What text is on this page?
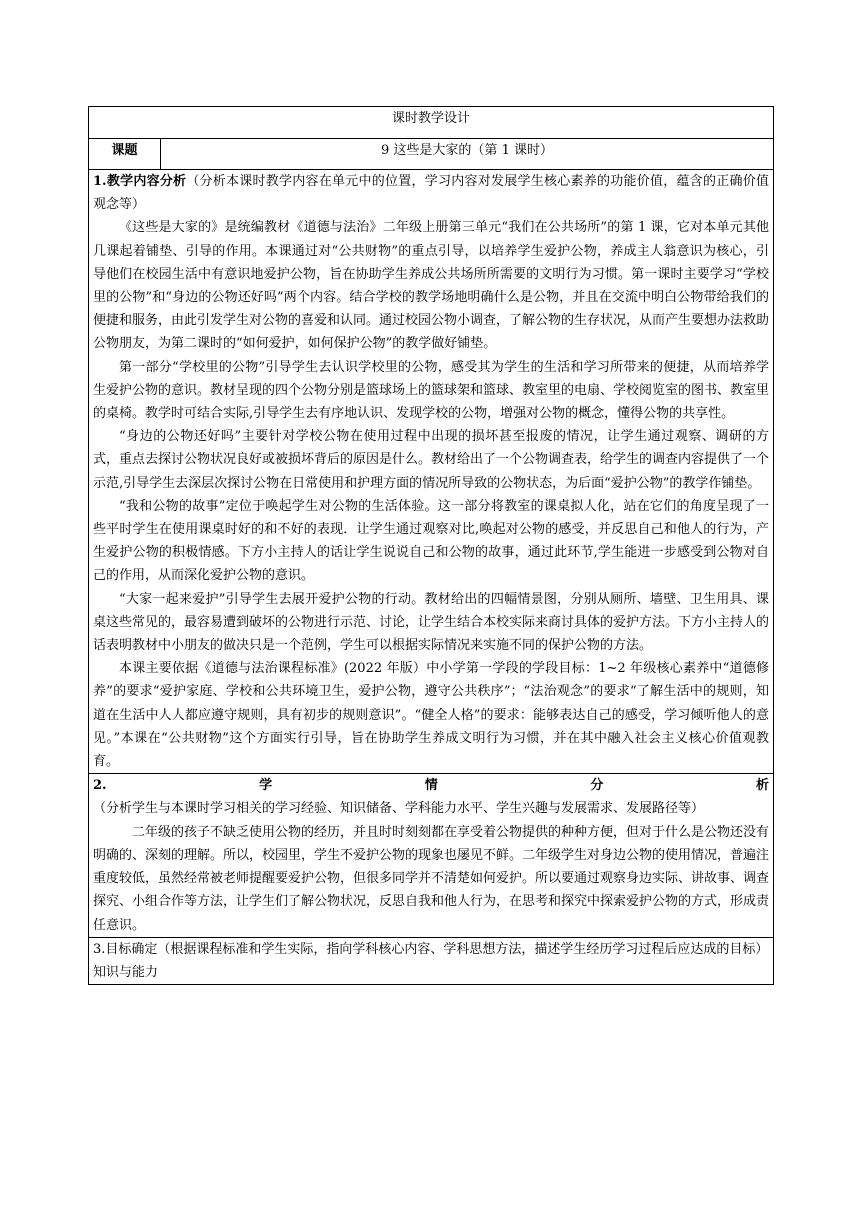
课时教学设计
课题	9 这些是大家的（第 1 课时）

1.教学内容分析（分析本课时教学内容在单元中的位置，学习内容对发展学生核心素养的功能价值，蕴含的正确价值观念等）

《这些是大家的》是统编教材《道德与法治》二年级上册第三单元“我们在公共场所”的第 1 课，它对本单元其他几课起着铺垫、引导的作用。本课通过对“公共财物”的重点引导，以培养学生爱护公物，养成主人翁意识为核心，引导他们在校园生活中有意识地爱护公物，旨在协助学生养成公共场所所需要的文明行为习惯。第一课时主要学习“学校里的公物”和“身边的公物还好吗”两个内容。结合学校的教学场地明确什么是公物，并且在交流中明白公物带给我们的便捷和服务，由此引发学生对公物的喜爱和认同。通过校园公物小调查，了解公物的生存状况，从而产生要想办法救助公物朋友，为第二课时的“如何爱护，如何保护公物”的教学做好铺垫。

第一部分“学校里的公物”引导学生去认识学校里的公物，感受其为学生的生活和学习所带来的便捷，从而培养学生爱护公物的意识。教材呈现的四个公物分别是篮球场上的篮球架和篮球、教室里的电扇、学校阅览室的图书、教室里的桌椅。教学时可结合实际,引导学生去有序地认识、发现学校的公物，增强对公物的概念，懂得公物的共享性。

“身边的公物还好吗”主要针对学校公物在使用过程中出现的损坏甚至报废的情况，让学生通过观察、调研的方式，重点去探讨公物状况良好或被损坏背后的原因是什么。教材给出了一个公物调查表，给学生的调查内容提供了一个示范,引导学生去深层次探讨公物在日常使用和护理方面的情况所导致的公物状态，为后面“爱护公物”的教学作铺垫。

“我和公物的故事”定位于唤起学生对公物的生活体验。这一部分将教室的课桌拟人化，站在它们的角度呈现了一些平时学生在使用课桌时好的和不好的表现．让学生通过观察对比,唤起对公物的感受，并反思自己和他人的行为，产生爱护公物的积极情感。下方小主持人的话让学生说说自己和公物的故事，通过此环节,学生能进一步感受到公物对自己的作用，从而深化爱护公物的意识。

“大家一起来爱护”引导学生去展开爱护公物的行动。教材给出的四幅情景图，分别从厕所、墙壁、卫生用具、课桌这些常见的，最容易遭到破坏的公物进行示范、讨论，让学生结合本校实际来商讨具体的爱护方法。下方小主持人的话表明教材中小朋友的做决只是一个范例，学生可以根据实际情况来实施不同的保护公物的方法。

本课主要依据《道德与法治课程标准》(2022 年版）中小学第一学段的学段目标：1~2 年级核心素养中“道德修养”的要求“爱护家庭、学校和公共环境卫生，爱护公物，遵守公共秩序”；“法治观念”的要求“了解生活中的规则，知道在生活中人人都应遵守规则，具有初步的规则意识”。“健全人格”的要求：能够表达自己的感受，学习倾听他人的意见。”本课在“公共财物”这个方面实行引导，旨在协助学生养成文明行为习惯，并在其中融入社会主义核心价值观教育。

2.学情分析（分析学生与本课时学习相关的学习经验、知识储备、学科能力水平、学生兴趣与发展需求、发展路径等）

二年级的孩子不缺乏使用公物的经历，并且时时刻刻都在享受着公物提供的种种方便，但对于什么是公物还没有明确的、深刻的理解。所以，校园里，学生不爱护公物的现象也屡见不鲜。二年级学生对身边公物的使用情况，普遍注重度较低，虽然经常被老师提醒要爱护公物，但很多同学并不清楚如何爱护。所以要通过观察身边实际、讲故事、调查探究、小组合作等方法，让学生们了解公物状况，反思自我和他人行为，在思考和探究中探索爱护公物的方式，形成责任意识。

3.目标确定（根据课程标准和学生实际，指向学科核心内容、学科思想方法，描述学生经历学习过程后应达成的目标）

知识与能力
